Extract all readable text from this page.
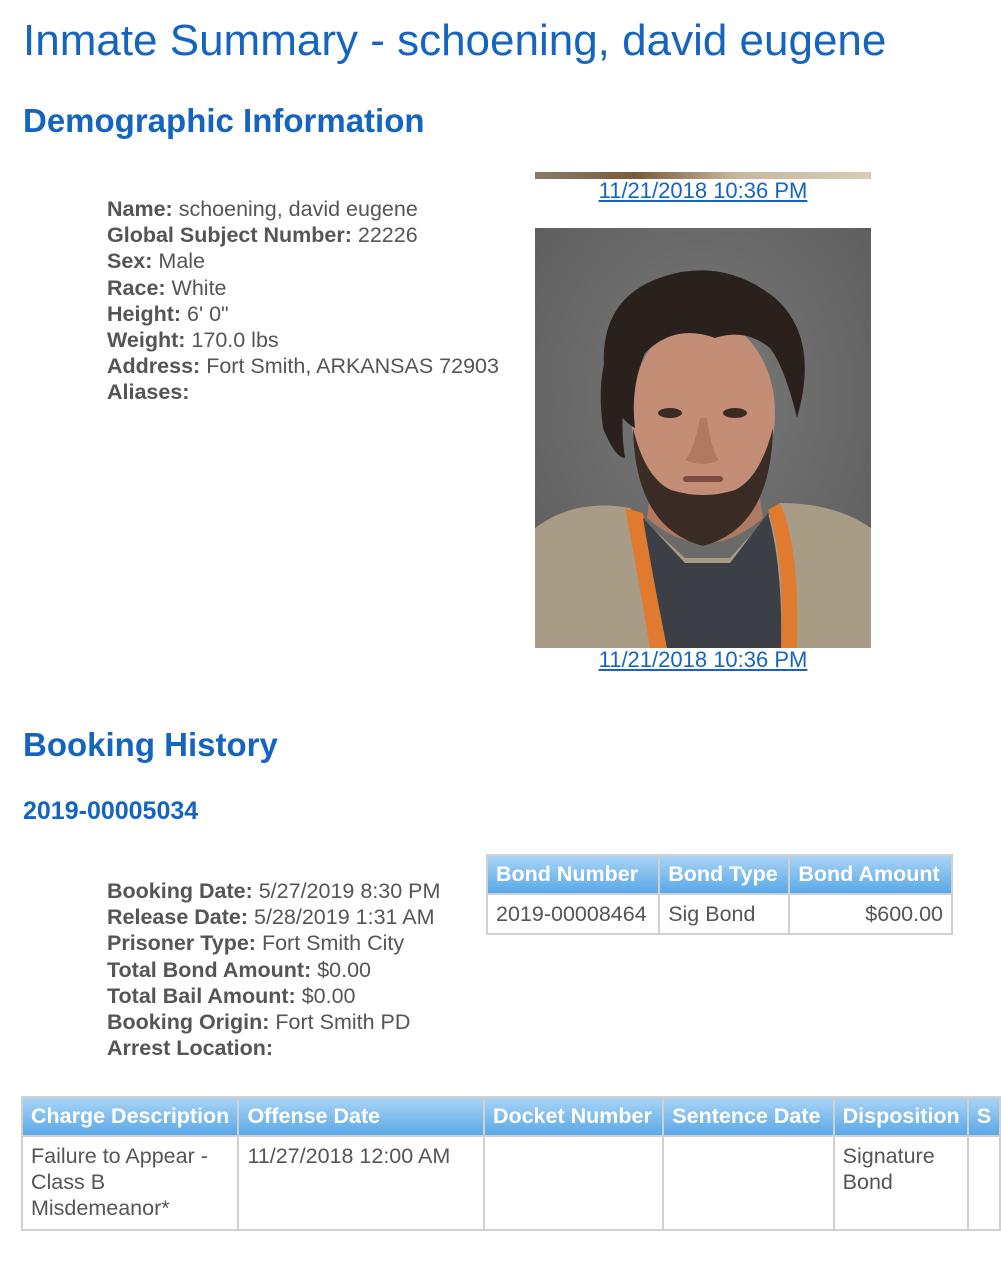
Inmate Summary - schoening, david eugene
Demographic Information
11/21/2018 10:36 PM
Name: schoening, david eugene
Global Subject Number: 22226
Sex: Male
Race: White
Height: 6' 0"
Weight: 170.0 lbs
Address: Fort Smith, ARKANSAS 72903
Aliases:
11/21/2018 10:36 PM
Booking History
2019-00005034
Booking Date: 5/27/2019 8:30 PM
Release Date: 5/28/2019 1:31 AM
Prisoner Type: Fort Smith City
Total Bond Amount: $0.00
Total Bail Amount: $0.00
Booking Origin: Fort Smith PD
Arrest Location:
Bond Number	Bond Type	Bond Amount
2019-00008464	Sig Bond	$600.00
Charge Description	Offense Date	Docket Number	Sentence Date	Disposition	S
Failure to Appear - Class B Misdemeanor*	11/27/2018 12:00 AM			Signature Bond	
